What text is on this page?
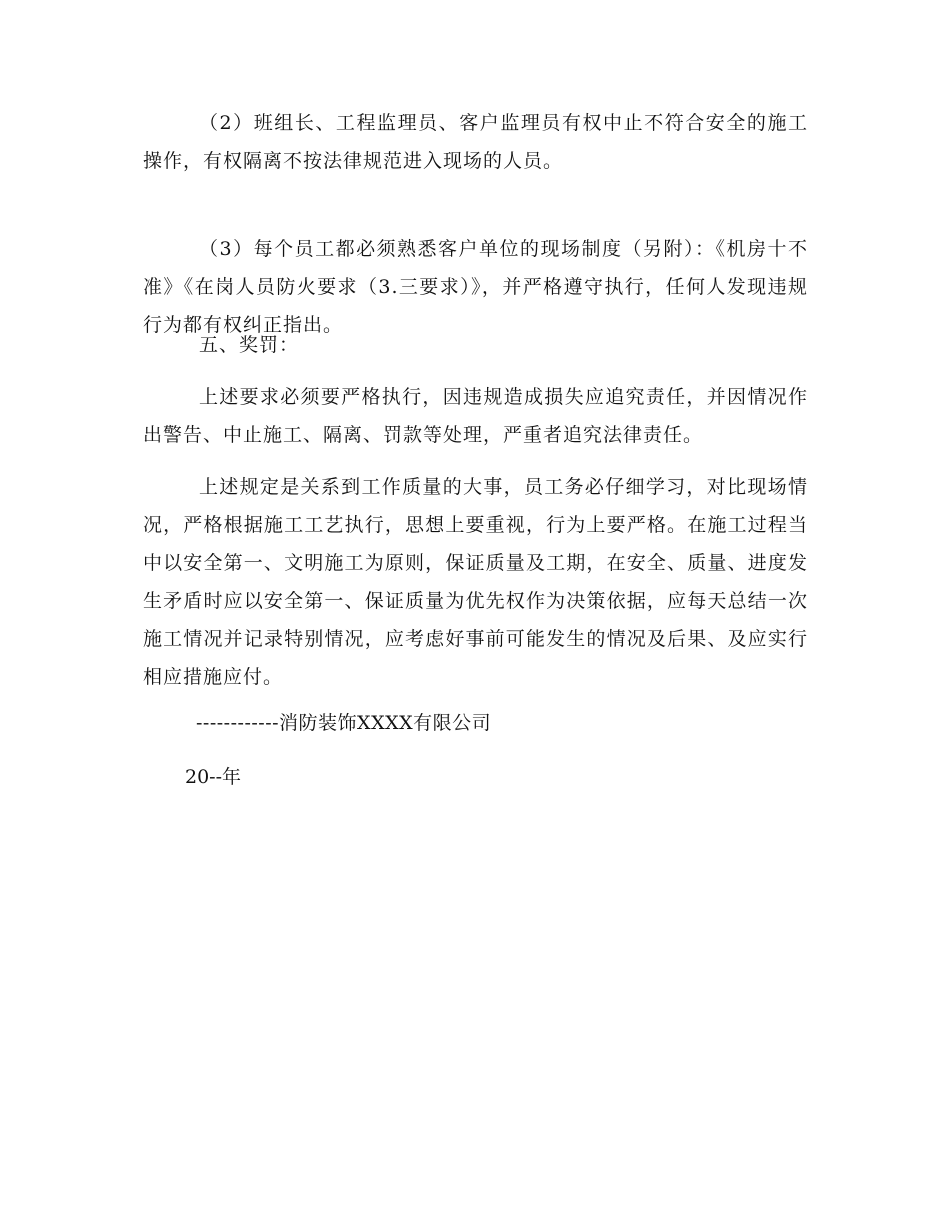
（2）班组长、工程监理员、客户监理员有权中止不符合安全的施工操作，有权隔离不按法律规范进入现场的人员。

（3）每个员工都必须熟悉客户单位的现场制度（另附）：《机房十不准》《在岗人员防火要求（3.三要求）》，并严格遵守执行，任何人发现违规行为都有权纠正指出。

五、奖罚：

上述要求必须要严格执行，因违规造成损失应追究责任，并因情况作出警告、中止施工、隔离、罚款等处理，严重者追究法律责任。

上述规定是关系到工作质量的大事，员工务必仔细学习，对比现场情况，严格根据施工工艺执行，思想上要重视，行为上要严格。在施工过程当中以安全第一、文明施工为原则，保证质量及工期，在安全、质量、进度发生矛盾时应以安全第一、保证质量为优先权作为决策依据，应每天总结一次施工情况并记录特别情况，应考虑好事前可能发生的情况及后果、及应实行相应措施应付。

------------消防装饰XXXX有限公司
20--年
